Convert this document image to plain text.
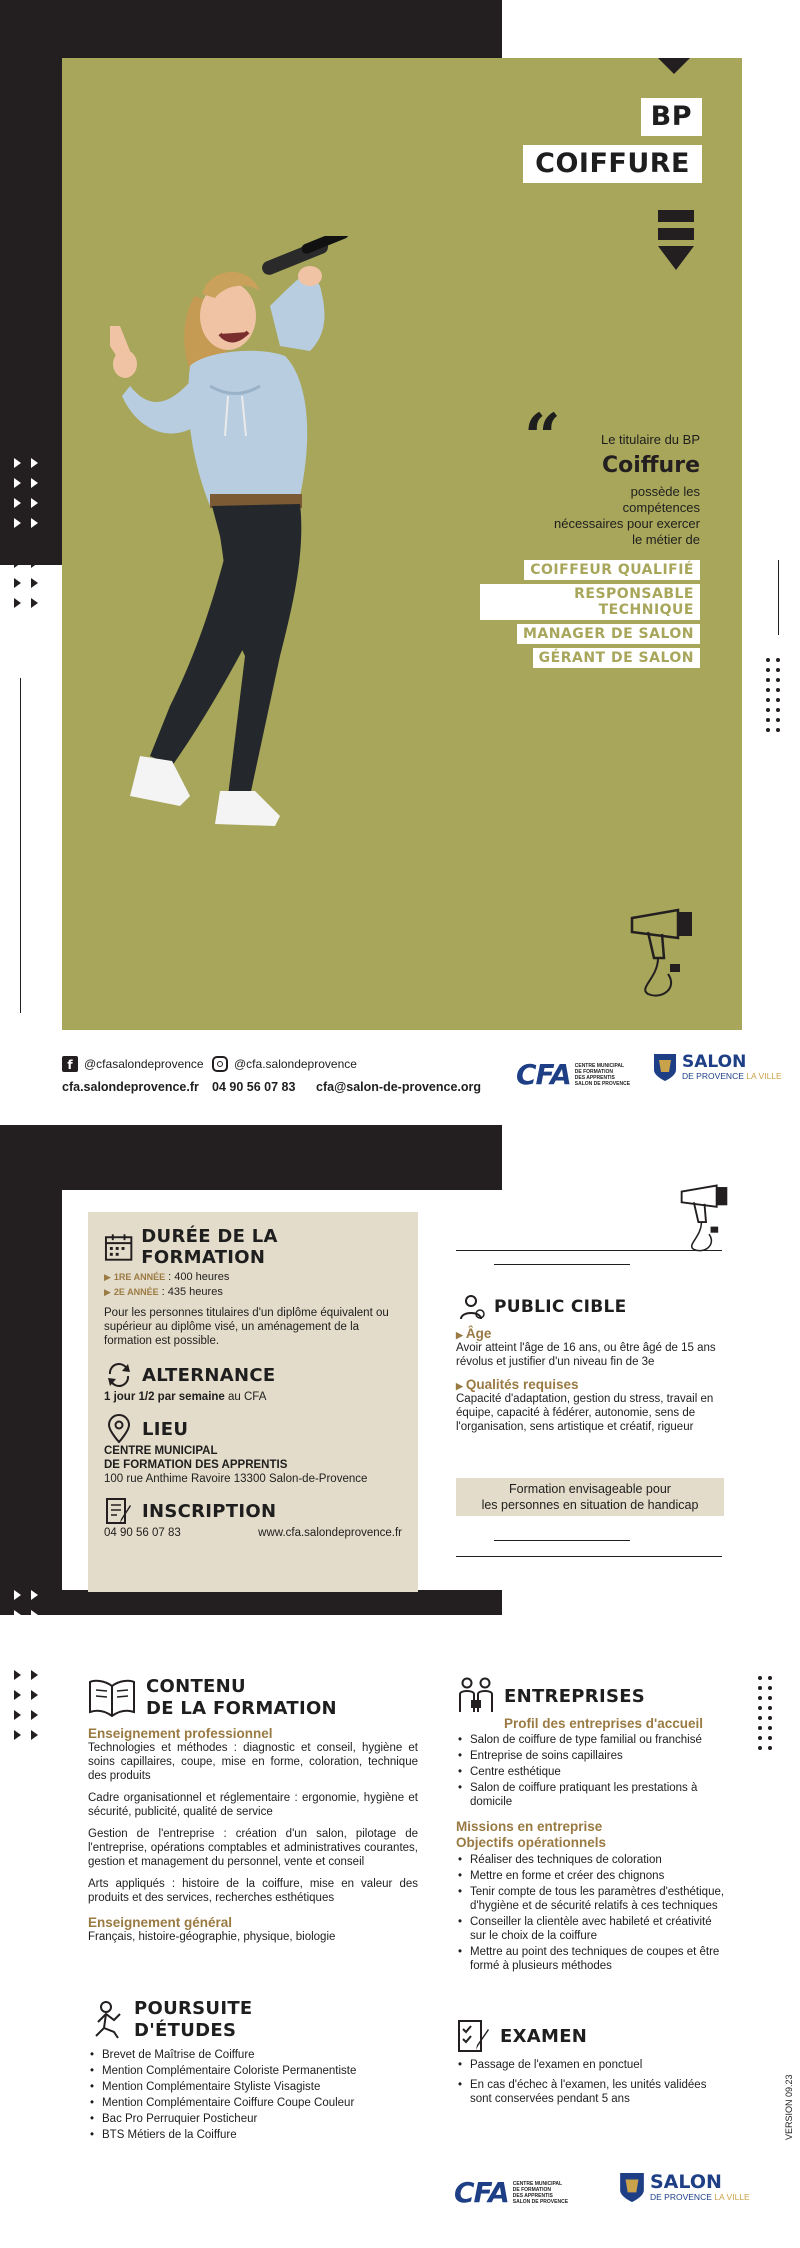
BP
COIFFURE
“	Le titulaire du BP
Coiffure
possède les compétences nécessaires pour exercer le métier de
COIFFEUR QUALIFIÉ
RESPONSABLE TECHNIQUE
MANAGER DE SALON
GÉRANT DE SALON
f @cfasalondeprovence	@cfa.salondeprovence
cfa.salondeprovence.fr 04 90 56 07 83 cfa@salon-de-provence.org CFA CENTRE MUNICIPAL
DE FORMATION
DES APPRENTIS
SALON DE PROVENCE
SALON
DE PROVENCE LA VILLE
DURÉE DE LA FORMATION
▶ 1RE ANNÉE : 400 heures
▶ 2E ANNÉE : 435 heures
Pour les personnes titulaires d'un diplôme équivalent ou supérieur au diplôme visé, un aménagement de la formation est possible.
ALTERNANCE
1 jour 1/2 par semaine au CFA
LIEU
CENTRE MUNICIPAL
DE FORMATION DES APPRENTIS
100 rue Anthime Ravoire 13300 Salon-de-Provence
INSCRIPTION
04 90 56 07 83	www.cfa.salondeprovence.fr
PUBLIC CIBLE
▶ Âge
Avoir atteint l'âge de 16 ans, ou être âgé de 15 ans révolus et justifier d'un niveau fin de 3e
▶ Qualités requises
Capacité d'adaptation, gestion du stress, travail en équipe, capacité à fédérer, autonomie, sens de l'organisation, sens artistique et créatif, rigueur
Formation envisageable pour
les personnes en situation de handicap
CONTENU
DE LA FORMATION
Enseignement professionnel
Technologies et méthodes : diagnostic et conseil, hygiène et soins capillaires, coupe, mise en forme, coloration, technique des produits
Cadre organisationnel et réglementaire : ergonomie, hygiène et sécurité, publicité, qualité de service
Gestion de l'entreprise : création d'un salon, pilotage de l'entreprise, opérations comptables et administratives courantes, gestion et management du personnel, vente et conseil
Arts appliqués : histoire de la coiffure, mise en valeur des produits et des services, recherches esthétiques
Enseignement général
Français, histoire-géographie, physique, biologie
POURSUITE
D'ÉTUDES
• Brevet de Maîtrise de Coiffure
• Mention Complémentaire Coloriste Permanentiste
• Mention Complémentaire Styliste Visagiste
• Mention Complémentaire Coiffure Coupe Couleur
• Bac Pro Perruquier Posticheur
• BTS Métiers de la Coiffure
ENTREPRISES
Profil des entreprises d'accueil
• Salon de coiffure de type familial ou franchisé
• Entreprise de soins capillaires
• Centre esthétique
• Salon de coiffure pratiquant les prestations à domicile
Missions en entreprise
Objectifs opérationnels
• Réaliser des techniques de coloration
• Mettre en forme et créer des chignons
• Tenir compte de tous les paramètres d'esthétique, d'hygiène et de sécurité relatifs à ces techniques
• Conseiller la clientèle avec habileté et créativité sur le choix de la coiffure
• Mettre au point des techniques de coupes et être formé à plusieurs méthodes
EXAMEN
• Passage de l'examen en ponctuel
• En cas d'échec à l'examen, les unités validées sont conservées pendant 5 ans	VERSION 09.23
CFA CENTRE MUNICIPAL
DE FORMATION
DES APPRENTIS
SALON DE PROVENCE
SALON
DE PROVENCE LA VILLE
